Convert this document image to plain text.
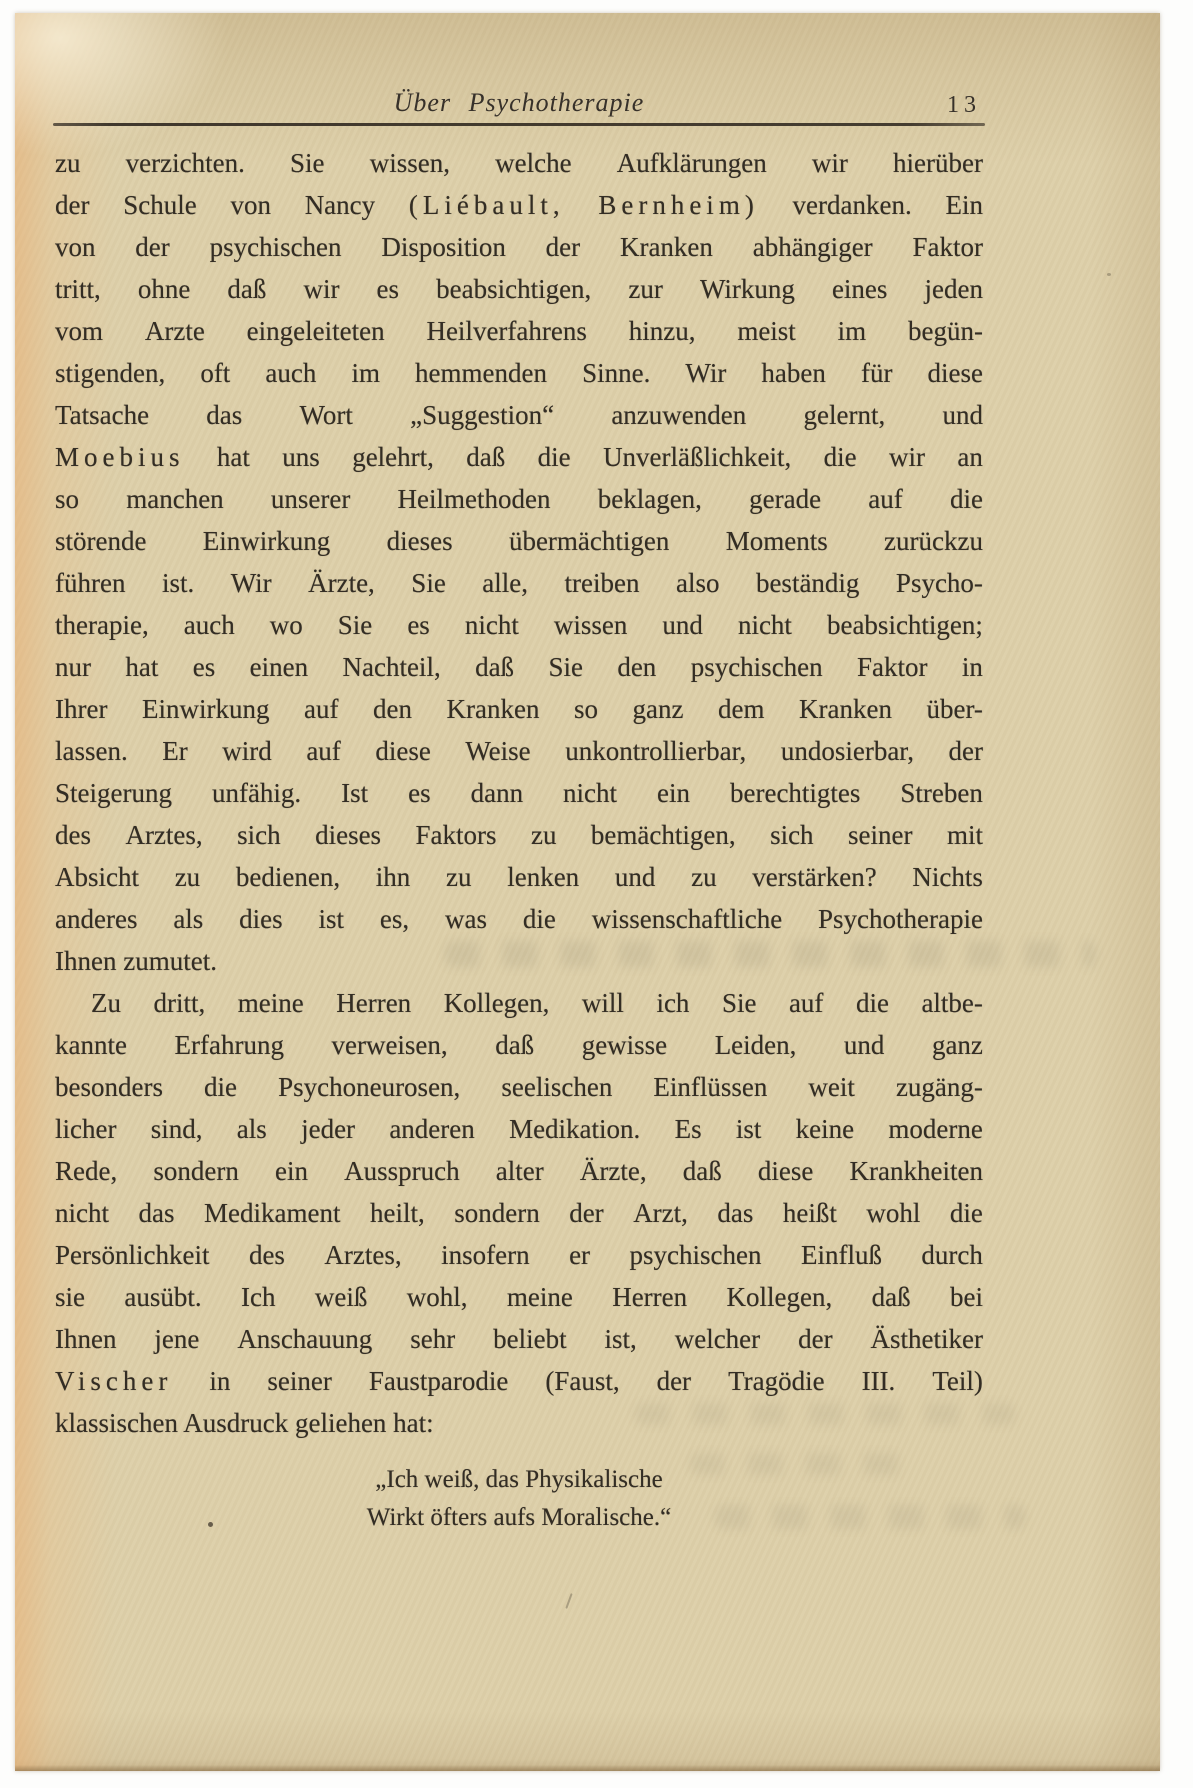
Über Psychotherapie	13
zu verzichten. Sie wissen, welche Aufklärungen wir hierüber
der Schule von Nancy (Liébault, Bernheim) verdanken. Ein
von der psychischen Disposition der Kranken abhängiger Faktor
tritt, ohne daß wir es beabsichtigen, zur Wirkung eines jeden
vom Arzte eingeleiteten Heilverfahrens hinzu, meist im begün-
stigenden, oft auch im hemmenden Sinne. Wir haben für diese
Tatsache das Wort „Suggestion“ anzuwenden gelernt, und
Moebius hat uns gelehrt, daß die Unverläßlichkeit, die wir an
so manchen unserer Heilmethoden beklagen, gerade auf die
störende Einwirkung dieses übermächtigen Moments zurückzu
führen ist. Wir Ärzte, Sie alle, treiben also beständig Psycho-
therapie, auch wo Sie es nicht wissen und nicht beabsichtigen;
nur hat es einen Nachteil, daß Sie den psychischen Faktor in
Ihrer Einwirkung auf den Kranken so ganz dem Kranken über-
lassen. Er wird auf diese Weise unkontrollierbar, undosierbar, der
Steigerung unfähig. Ist es dann nicht ein berechtigtes Streben
des Arztes, sich dieses Faktors zu bemächtigen, sich seiner mit
Absicht zu bedienen, ihn zu lenken und zu verstärken? Nichts
anderes als dies ist es, was die wissenschaftliche Psychotherapie
Ihnen zumutet.
Zu dritt, meine Herren Kollegen, will ich Sie auf die altbe-
kannte Erfahrung verweisen, daß gewisse Leiden, und ganz
besonders die Psychoneurosen, seelischen Einflüssen weit zugäng-
licher sind, als jeder anderen Medikation. Es ist keine moderne
Rede, sondern ein Ausspruch alter Ärzte, daß diese Krankheiten
nicht das Medikament heilt, sondern der Arzt, das heißt wohl die
Persönlichkeit des Arztes, insofern er psychischen Einfluß durch
sie ausübt. Ich weiß wohl, meine Herren Kollegen, daß bei
Ihnen jene Anschauung sehr beliebt ist, welcher der Ästhetiker
Vischer in seiner Faustparodie (Faust, der Tragödie III. Teil)
klassischen Ausdruck geliehen hat:
„Ich weiß, das Physikalische
Wirkt öfters aufs Moralische.“
